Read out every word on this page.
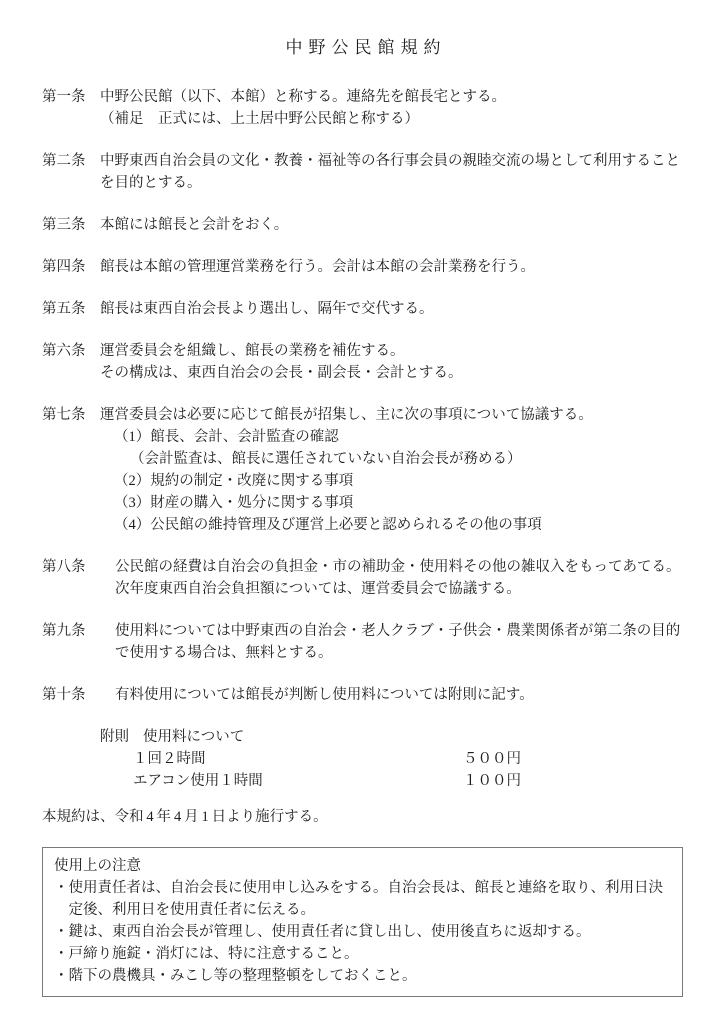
中野公民館規約
第一条 中野公民館（以下、本館）と称する。連絡先を館長宅とする。
（補足　正式には、上土居中野公民館と称する）
第二条 中野東西自治会員の文化・教養・福祉等の各行事会員の親睦交流の場として利用すること
を目的とする。
第三条 本館には館長と会計をおく。
第四条 館長は本館の管理運営業務を行う。会計は本館の会計業務を行う。
第五条 館長は東西自治会長より選出し、隔年で交代する。
第六条 運営委員会を組織し、館長の業務を補佐する。
その構成は、東西自治会の会長・副会長・会計とする。
第七条 運営委員会は必要に応じて館長が招集し、主に次の事項について協議する。
（1）館長、会計、会計監査の確認
（会計監査は、館長に選任されていない自治会長が務める）
（2）規約の制定・改廃に関する事項
（3）財産の購入・処分に関する事項
（4）公民館の維持管理及び運営上必要と認められるその他の事項
第八条 公民館の経費は自治会の負担金・市の補助金・使用料その他の雑収入をもってあてる。
次年度東西自治会負担額については、運営委員会で協議する。
第九条 使用料については中野東西の自治会・老人クラブ・子供会・農業関係者が第二条の目的
で使用する場合は、無料とする。
第十条 有料使用については館長が判断し使用料については附則に記す。
附則 使用料について
１回２時間	５００円
エアコン使用１時間	１００円

本規約は、令和 4 年 4 月 1 日より施行する。

使用上の注意
・使用責任者は、自治会長に使用申し込みをする。自治会長は、館長と連絡を取り、利用日決定後、利用日を使用責任者に伝える。
・鍵は、東西自治会長が管理し、使用責任者に貸し出し、使用後直ちに返却する。
・戸締り施錠・消灯には、特に注意すること。
・階下の農機具・みこし等の整理整頓をしておくこと。
